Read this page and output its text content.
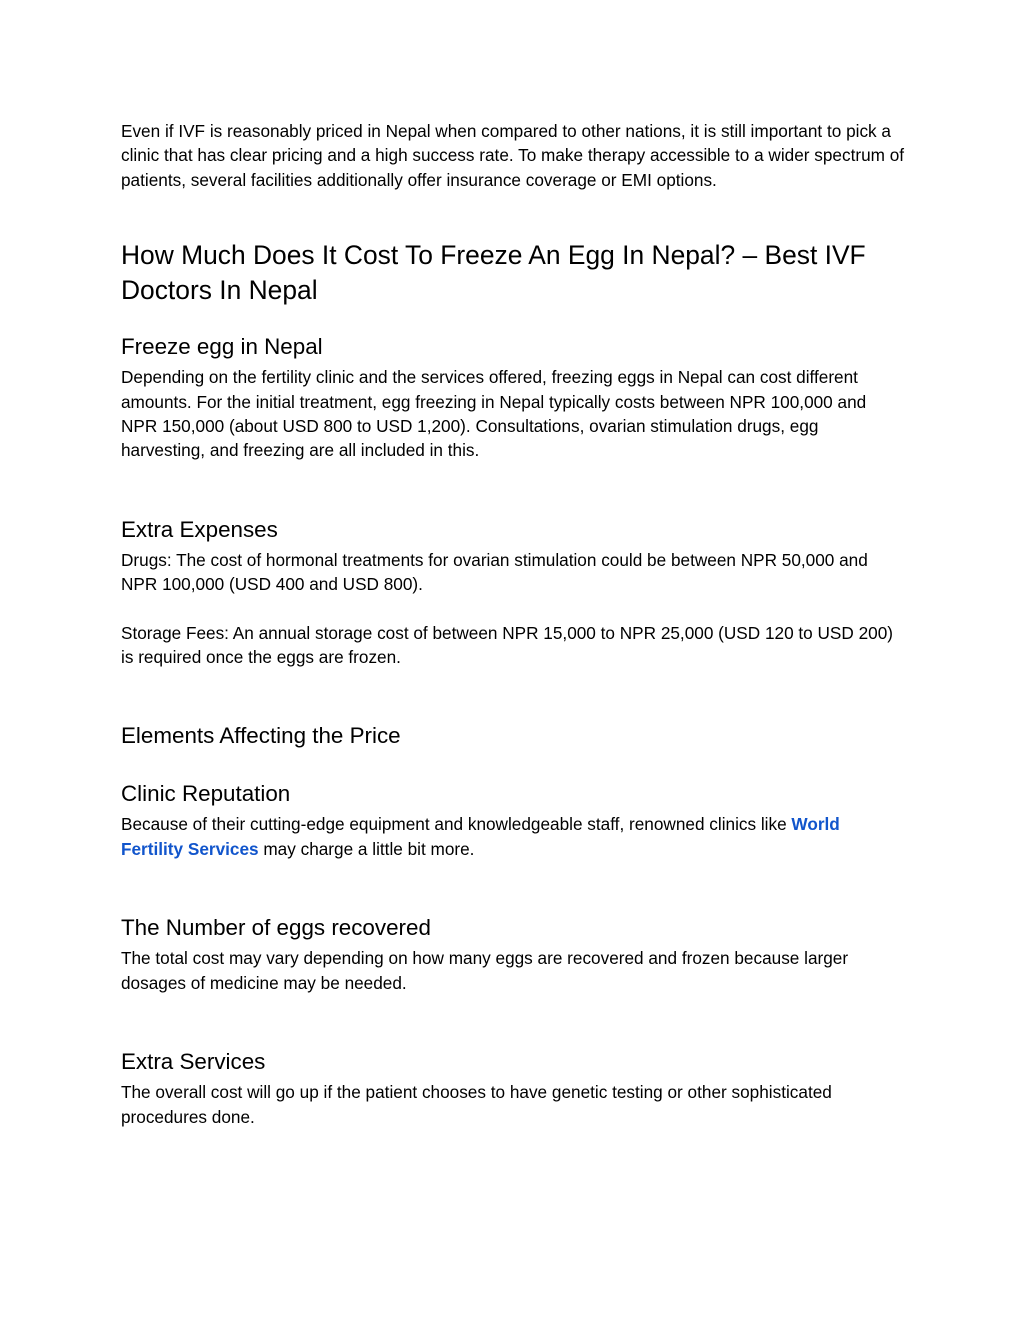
Even if IVF is reasonably priced in Nepal when compared to other nations, it is still important to pick a clinic that has clear pricing and a high success rate. To make therapy accessible to a wider spectrum of patients, several facilities additionally offer insurance coverage or EMI options.

How Much Does It Cost To Freeze An Egg In Nepal? – Best IVF Doctors In Nepal
Freeze egg in Nepal

Depending on the fertility clinic and the services offered, freezing eggs in Nepal can cost different amounts. For the initial treatment, egg freezing in Nepal typically costs between NPR 100,000 and NPR 150,000 (about USD 800 to USD 1,200). Consultations, ovarian stimulation drugs, egg harvesting, and freezing are all included in this.

Extra Expenses

Drugs: The cost of hormonal treatments for ovarian stimulation could be between NPR 50,000 and NPR 100,000 (USD 400 and USD 800).

Storage Fees: An annual storage cost of between NPR 15,000 to NPR 25,000 (USD 120 to USD 200) is required once the eggs are frozen.

Elements Affecting the Price
Clinic Reputation

Because of their cutting-edge equipment and knowledgeable staff, renowned clinics like World Fertility Services may charge a little bit more.

The Number of eggs recovered

The total cost may vary depending on how many eggs are recovered and frozen because larger dosages of medicine may be needed.

Extra Services

The overall cost will go up if the patient chooses to have genetic testing or other sophisticated procedures done.
